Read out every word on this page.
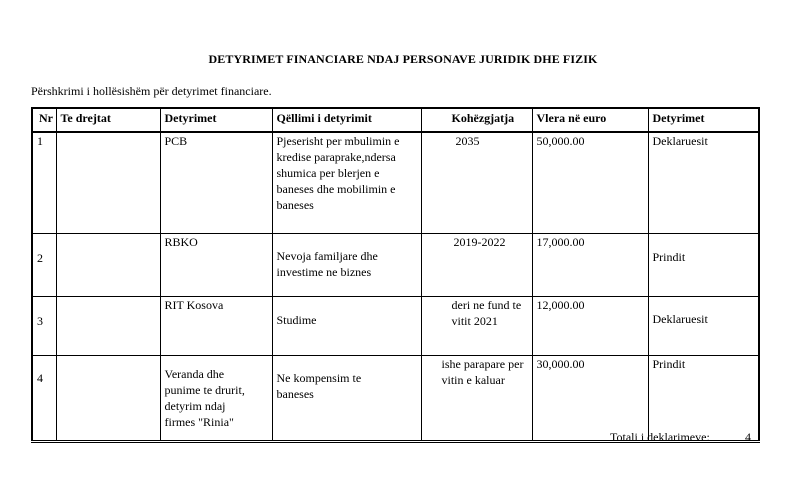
DETYRIMET FINANCIARE NDAJ PERSONAVE JURIDIK DHE FIZIK
Përshkrimi i hollësishëm për detyrimet financiare.
Nr	Te drejtat	Detyrimet	Qëllimi i detyrimit	Kohëzgjatja	Vlera në euro	Detyrimet
1		PCB	Pjeserisht per mbulimin e kredise paraprake,ndersa shumica per blerjen e baneses dhe mobilimin e baneses	2035	50,000.00	Deklaruesit
2		RBKO	Nevoja familjare dhe investime ne biznes	2019-2022	17,000.00	Prindit
3		RIT Kosova	Studime	deri ne fund te vitit 2021	12,000.00	Deklaruesit
4		Veranda dhe punime te drurit, detyrim ndaj firmes "Rinia"	Ne kompensim te baneses	ishe parapare per vitin e kaluar	30,000.00	Prindit
Totali i deklarimeve:	4
